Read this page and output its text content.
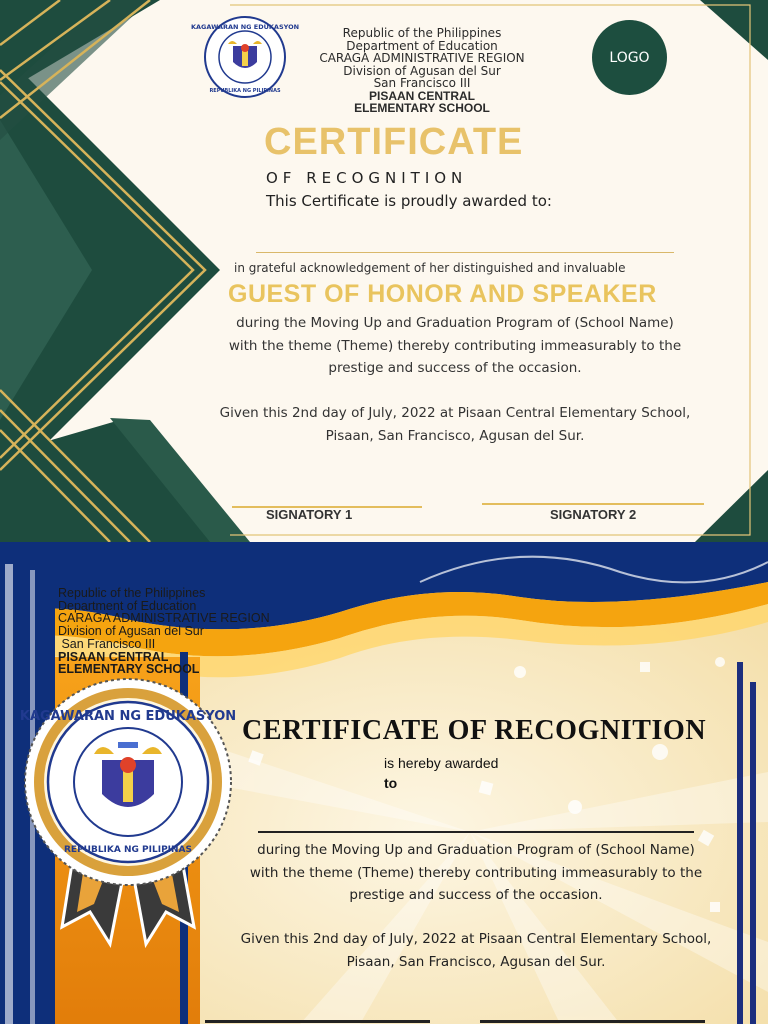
KAGAWARAN NG EDUKASYON
REPUBLIKA NG PILIPINAS
Republic of the Philippines
Department of Education
CARAGA ADMINISTRATIVE REGION
Division of Agusan del Sur
San Francisco III
PISAAN CENTRAL
ELEMENTARY SCHOOL
LOGO
CERTIFICATE
OF RECOGNITION
This Certificate is proudly awarded to:
in grateful acknowledgement of her distinguished and invaluable
GUEST OF HONOR AND SPEAKER
during the Moving Up and Graduation Program of (School Name)
with the theme (Theme) thereby contributing immeasurably to the
prestige and success of the occasion.
Given this 2nd day of July, 2022 at Pisaan Central Elementary School,
Pisaan, San Francisco, Agusan del Sur.
SIGNATORY 1	SIGNATORY 2
KAGAWARAN NG EDUKASYON
REPUBLIKA NG PILIPINAS
Republic of the Philippines
Department of Education
CARAGA ADMINISTRATIVE REGION
Division of Agusan del Sur
San Francisco III
PISAAN CENTRAL
ELEMENTARY SCHOOL
CERTIFICATE OF RECOGNITION
is hereby awarded
to
during the Moving Up and Graduation Program of (School Name)
with the theme (Theme) thereby contributing immeasurably to the
prestige and success of the occasion.
Given this 2nd day of July, 2022 at Pisaan Central Elementary School,
Pisaan, San Francisco, Agusan del Sur.
